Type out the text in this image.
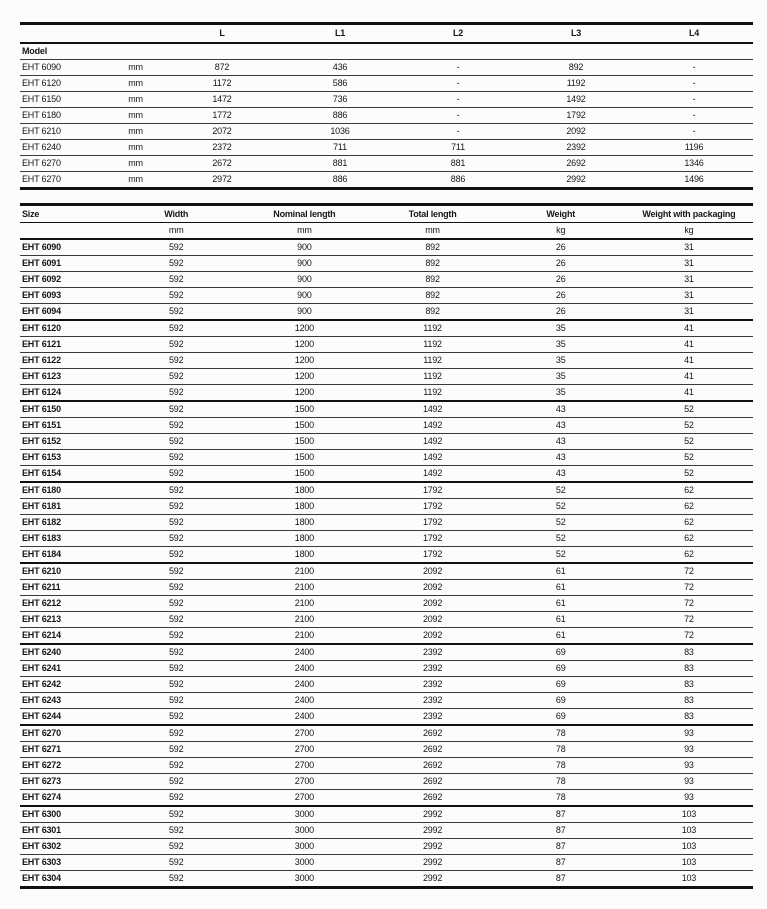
		L	L1	L2	L3	L4
Model						
EHT 6090	mm	872	436	-	892	-
EHT 6120	mm	1172	586	-	1192	-
EHT 6150	mm	1472	736	-	1492	-
EHT 6180	mm	1772	886	-	1792	-
EHT 6210	mm	2072	1036	-	2092	-
EHT 6240	mm	2372	711	711	2392	1196
EHT 6270	mm	2672	881	881	2692	1346
EHT 6270	mm	2972	886	886	2992	1496
Size	Width	Nominal length	Total length	Weight	Weight with packaging
	mm	mm	mm	kg	kg
EHT 6090	592	900	892	26	31
EHT 6091	592	900	892	26	31
EHT 6092	592	900	892	26	31
EHT 6093	592	900	892	26	31
EHT 6094	592	900	892	26	31
EHT 6120	592	1200	1192	35	41
EHT 6121	592	1200	1192	35	41
EHT 6122	592	1200	1192	35	41
EHT 6123	592	1200	1192	35	41
EHT 6124	592	1200	1192	35	41
EHT 6150	592	1500	1492	43	52
EHT 6151	592	1500	1492	43	52
EHT 6152	592	1500	1492	43	52
EHT 6153	592	1500	1492	43	52
EHT 6154	592	1500	1492	43	52
EHT 6180	592	1800	1792	52	62
EHT 6181	592	1800	1792	52	62
EHT 6182	592	1800	1792	52	62
EHT 6183	592	1800	1792	52	62
EHT 6184	592	1800	1792	52	62
EHT 6210	592	2100	2092	61	72
EHT 6211	592	2100	2092	61	72
EHT 6212	592	2100	2092	61	72
EHT 6213	592	2100	2092	61	72
EHT 6214	592	2100	2092	61	72
EHT 6240	592	2400	2392	69	83
EHT 6241	592	2400	2392	69	83
EHT 6242	592	2400	2392	69	83
EHT 6243	592	2400	2392	69	83
EHT 6244	592	2400	2392	69	83
EHT 6270	592	2700	2692	78	93
EHT 6271	592	2700	2692	78	93
EHT 6272	592	2700	2692	78	93
EHT 6273	592	2700	2692	78	93
EHT 6274	592	2700	2692	78	93
EHT 6300	592	3000	2992	87	103
EHT 6301	592	3000	2992	87	103
EHT 6302	592	3000	2992	87	103
EHT 6303	592	3000	2992	87	103
EHT 6304	592	3000	2992	87	103
